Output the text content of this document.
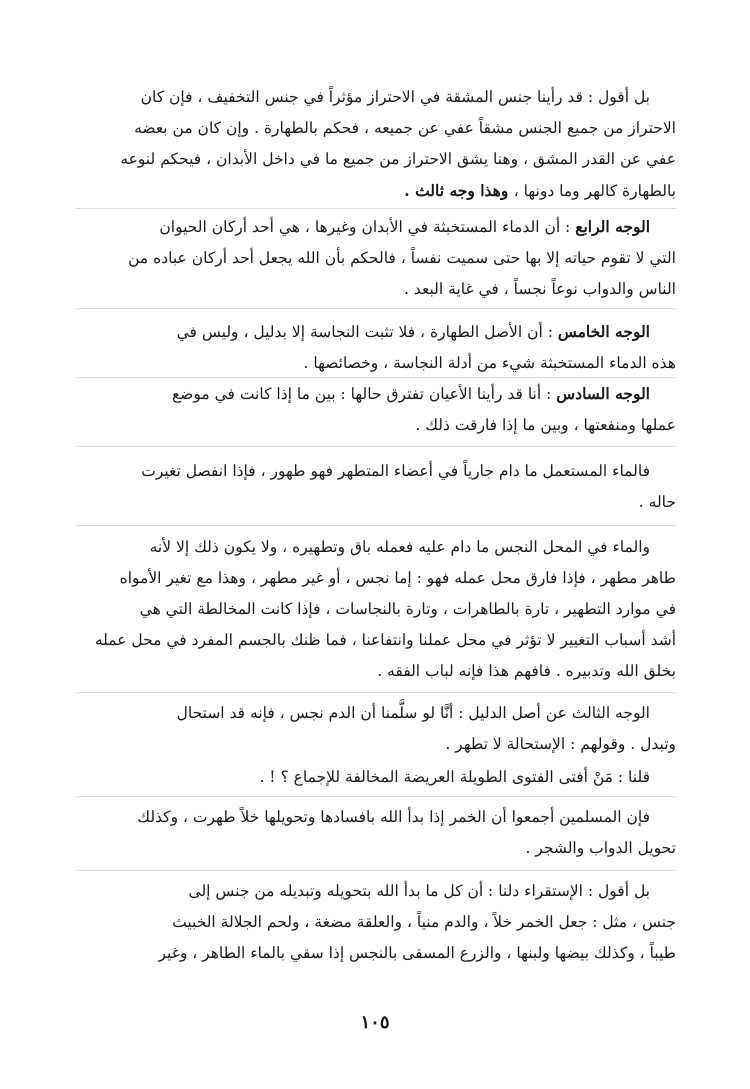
بل أقول : قد رأينا جنس المشقة في الاحتراز مؤثراً في جنس التخفيف ، فإن كان
الاحتراز من جميع الجنس مشقاً عفي عن جميعه ، فحكم بالطهارة . وإن كان من بعضه
عفي عن القدر المشق ، وهنا يشق الاحتراز من جميع ما في داخل الأبدان ، فيحكم لنوعه
بالطهارة كالهر وما دونها ، وهذا وجه ثالث .
الوجه الرابع : أن الدماء المستخبثة في الأبدان وغيرها ، هي أحد أركان الحيوان
التي لا تقوم حياته إلا بها حتى سميت نفساً ، فالحكم بأن الله يجعل أحد أركان عباده من
الناس والدواب نوعاً نجساً ، في غاية البعد .
الوجه الخامس : أن الأصل الطهارة ، فلا تثبت النجاسة إلا بدليل ، وليس في
هذه الدماء المستخبثة شيء من أدلة النجاسة ، وخصائصها .
الوجه السادس : أنا قد رأينا الأعيان تفترق حالها : بين ما إذا كانت في موضع
عملها ومنفعتها ، وبين ما إذا فارقت ذلك .
فالماء المستعمل ما دام جارياً في أعضاء المتطهر فهو طهور ، فإذا انفصل تغيرت
حاله .
والماء في المحل النجس ما دام عليه فعمله باق وتطهيره ، ولا يكون ذلك إلا لأنه
طاهر مطهر ، فإذا فارق محل عمله فهو : إما نجس ، أو غير مطهر ، وهذا مع تغير الأمواه
في موارد التطهير ، تارة بالطاهرات ، وتارة بالنجاسات ، فإذا كانت المخالطة التي هي
أشد أسباب التغيير لا تؤثر في محل عملنا وانتفاعنا ، فما ظنك بالجسم المفرد في محل عمله
بخلق الله وتدبيره . فافهم هذا فإنه لباب الفقه .
الوجه الثالث عن أصل الدليل : أنَّا لو سلَّمنا أن الدم نجس ، فإنه قد استحال
وتبدل . وقولهم : الإستحالة لا تطهر .
قلنا : مَنْ أفتى الفتوى الطويلة العريضة المخالفة للإجماع ؟ ! .
فإن المسلمين أجمعوا أن الخمر إذا بدأ الله بافسادها وتحويلها خلاً طهرت ، وكذلك
تحويل الدواب والشجر .
بل أقول : الإستقراء دلنا : أن كل ما بدأ الله بتحويله وتبديله من جنس إلى
جنس ، مثل : جعل الخمر خلاً ، والدم منياً ، والعلقة مضغة ، ولحم الجلالة الخبيث
طيباً ، وكذلك بيضها ولبنها ، والزرع المسقى بالنجس إذا سقي بالماء الطاهر ، وغير
١٠٥
